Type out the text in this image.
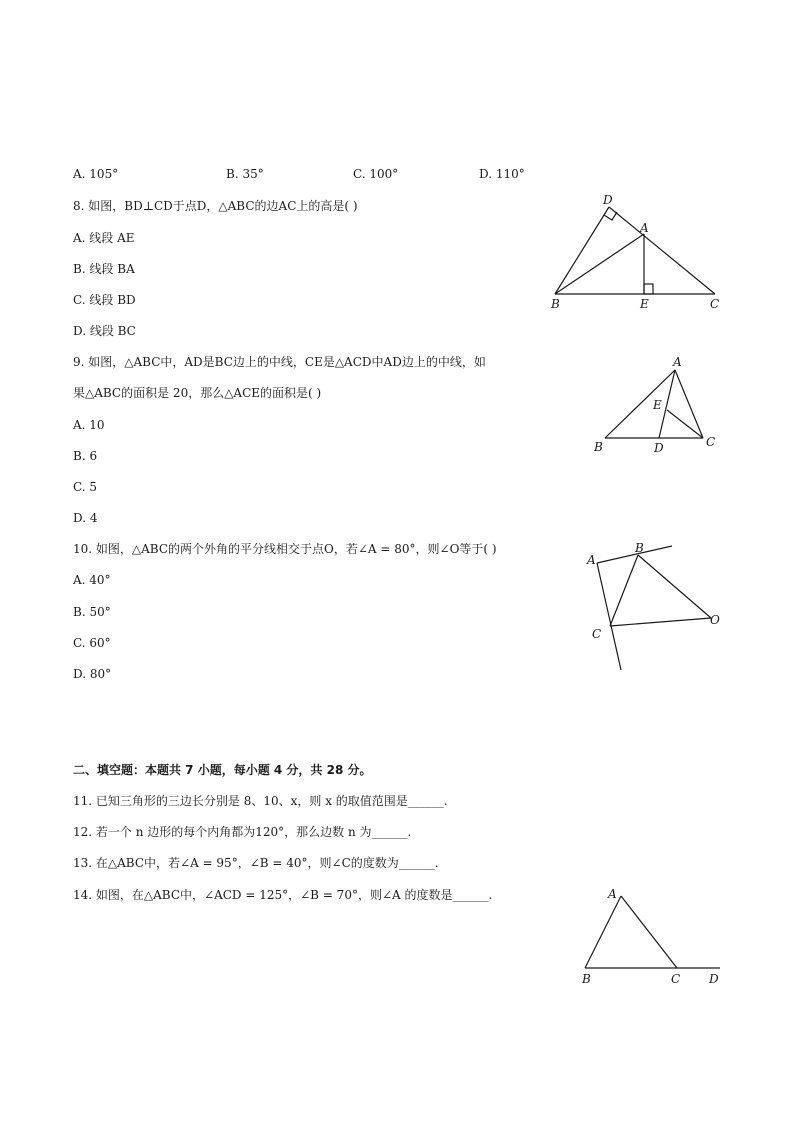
A. 105°	B. 35°	C. 100°	D. 110°
8. 如图，BD⊥CD于点D，△ABC的边AC上的高是( )
A. 线段 AE
B. 线段 BA
C. 线段 BD
D. 线段 BC
D
A
B	E	C
9. 如图，△ABC中，AD是BC边上的中线，CE是△ACD中AD边上的中线，如
果△ABC的面积是 20，那么△ACE的面积是( )
A. 10
B. 6
C. 5
D. 4
A
E
B	D	C
10. 如图，△ABC的两个外角的平分线相交于点O，若∠A = 80°，则∠O等于( )
A. 40°
B. 50°
C. 60°
D. 80°
A
B
C
O
二、填空题：本题共 7 小题，每小题 4 分，共 28 分。
11. 已知三角形的三边长分别是 8、10、x，则 x 的取值范围是______.
12. 若一个 n 边形的每个内角都为120°，那么边数 n 为______.
13. 在△ABC中，若∠A = 95°，∠B = 40°，则∠C的度数为______.
14. 如图，在△ABC中，∠ACD = 125°，∠B = 70°，则∠A 的度数是______.	A
B	C D
